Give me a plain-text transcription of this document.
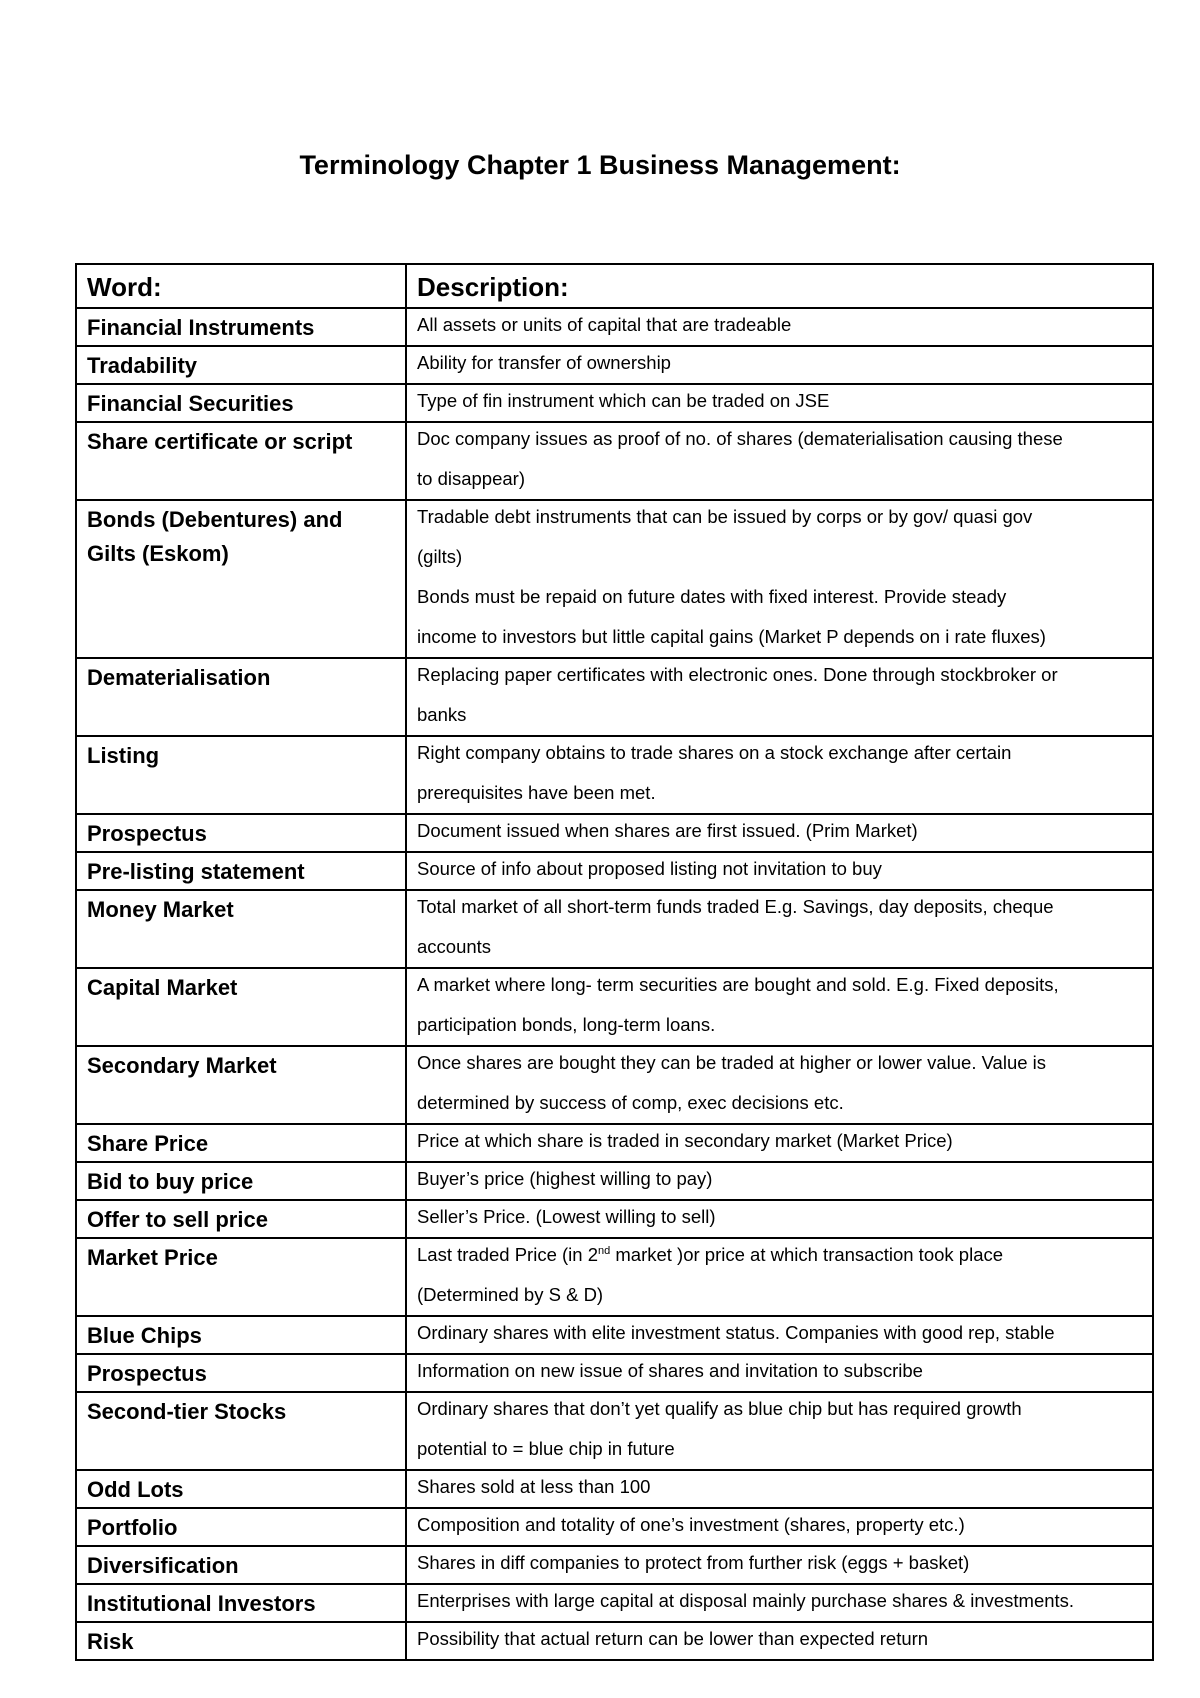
Terminology Chapter 1 Business Management:
Word:	Description:
Financial Instruments	All assets or units of capital that are tradeable

Tradability	Ability for transfer of ownership

Financial Securities	Type of fin instrument which can be traded on JSE

Share certificate or script	Doc company issues as proof of no. of shares (dematerialisation causing these
to disappear)

Bonds (Debentures) and Gilts (Eskom)	Tradable debt instruments that can be issued by corps or by gov/ quasi gov
(gilts)
Bonds must be repaid on future dates with fixed interest. Provide steady
income to investors but little capital gains (Market P depends on i rate fluxes)

Dematerialisation	Replacing paper certificates with electronic ones. Done through stockbroker or
banks

Listing	Right company obtains to trade shares on a stock exchange after certain
prerequisites have been met.

Prospectus	Document issued when shares are first issued. (Prim Market)

Pre-listing statement	Source of info about proposed listing not invitation to buy

Money Market	Total market of all short-term funds traded E.g. Savings, day deposits, cheque
accounts

Capital Market	A market where long- term securities are bought and sold. E.g. Fixed deposits,
participation bonds, long-term loans.

Secondary Market	Once shares are bought they can be traded at higher or lower value. Value is
determined by success of comp, exec decisions etc.

Share Price	Price at which share is traded in secondary market (Market Price)

Bid to buy price	Buyer’s price (highest willing to pay)

Offer to sell price	Seller’s Price. (Lowest willing to sell)

Market Price	Last traded Price (in 2nd market )or price at which transaction took place
(Determined by S & D)

Blue Chips	Ordinary shares with elite investment status. Companies with good rep, stable

Prospectus	Information on new issue of shares and invitation to subscribe

Second-tier Stocks	Ordinary shares that don’t yet qualify as blue chip but has required growth
potential to = blue chip in future

Odd Lots	Shares sold at less than 100

Portfolio	Composition and totality of one’s investment (shares, property etc.)

Diversification	Shares in diff companies to protect from further risk (eggs + basket)

Institutional Investors	Enterprises with large capital at disposal mainly purchase shares & investments.

Risk	Possibility that actual return can be lower than expected return
